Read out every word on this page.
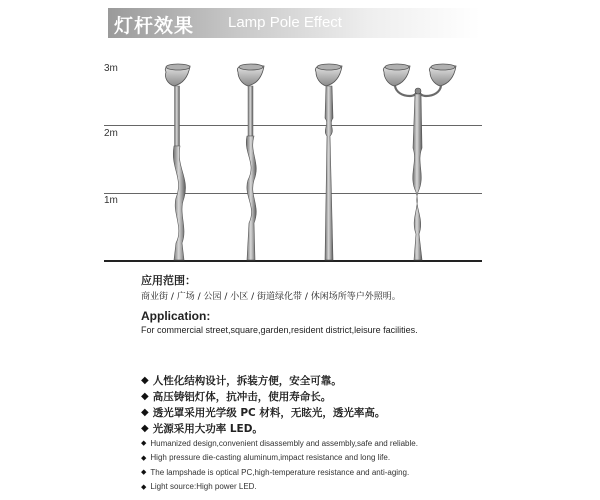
灯杆效果 Lamp Pole Effect
3m
2m
1m
应用范围：
商业街 / 广场 / 公园 / 小区 / 街道绿化带 / 休闲场所等户外照明。
Application:
For commercial street,square,garden,resident district,leisure facilities.
◆ 人性化结构设计，拆装方便，安全可靠。
◆ 高压铸铝灯体，抗冲击，使用寿命长。
◆ 透光罩采用光学级 PC 材料，无眩光，透光率高。
◆ 光源采用大功率 LED。
◆ Humanized design,convenient disassembly and assembly,safe and reliable.
◆ High pressure die-casting aluminum,impact resistance and long life.
◆ The lampshade is optical PC,high-temperature resistance and anti-aging.
◆ Light source:High power LED.
